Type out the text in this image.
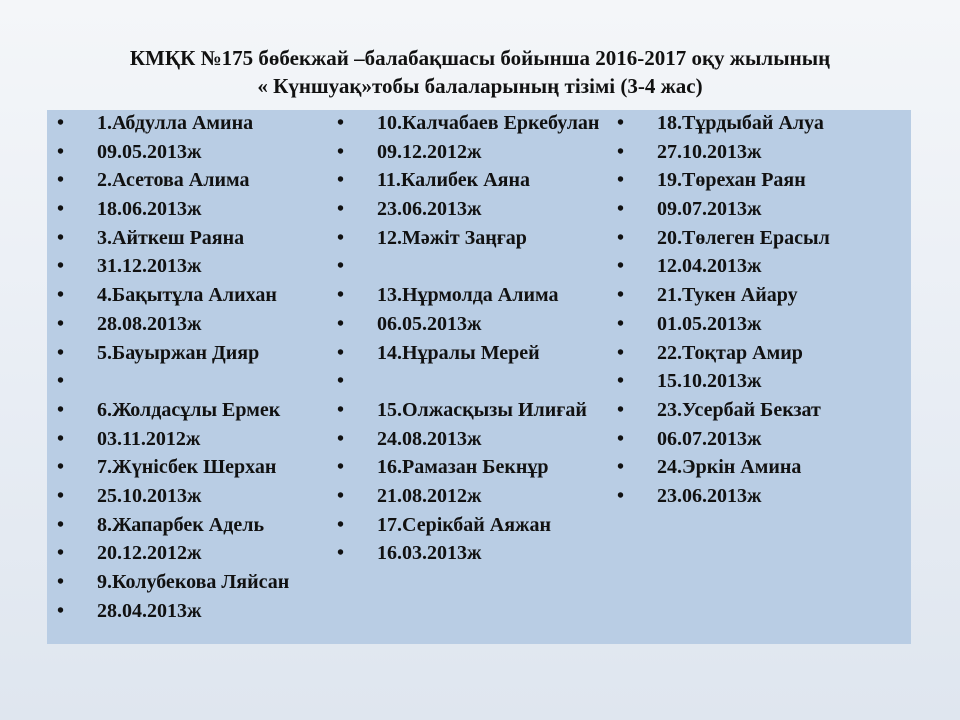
КМҚК №175 бөбекжай –балабақшасы бойынша 2016-2017 оқу жылының
« Күншуақ»тобы балаларының тізімі (3-4 жас)
• 1.Абдулла Амина
• 09.05.2013ж
• 2.Асетова Алима
• 18.06.2013ж
• 3.Айткеш Раяна
• 31.12.2013ж
• 4.Бақытұла Алихан
• 28.08.2013ж
• 5.Бауыржан Дияр
•
• 6.Жолдасұлы Ермек
• 03.11.2012ж
• 7.Жүнісбек Шерхан
• 25.10.2013ж
• 8.Жапарбек Адель
• 20.12.2012ж
• 9.Колубекова Ляйсан
• 28.04.2013ж
• 10.Калчабаев Еркебулан
• 09.12.2012ж
• 11.Калибек Аяна
• 23.06.2013ж
• 12.Мәжіт Заңғар
•
• 13.Нұрмолда Алима
• 06.05.2013ж
• 14.Нұралы Мерей
•
• 15.Олжасқызы Илиғай
• 24.08.2013ж
• 16.Рамазан Бекнұр
• 21.08.2012ж
• 17.Серікбай Аяжан
• 16.03.2013ж
• 18.Тұрдыбай Алуа
• 27.10.2013ж
• 19.Төрехан Раян
• 09.07.2013ж
• 20.Төлеген Ерасыл
• 12.04.2013ж
• 21.Тукен Айару
• 01.05.2013ж
• 22.Тоқтар Амир
• 15.10.2013ж
• 23.Усербай Бекзат
• 06.07.2013ж
• 24.Эркін Амина
• 23.06.2013ж
